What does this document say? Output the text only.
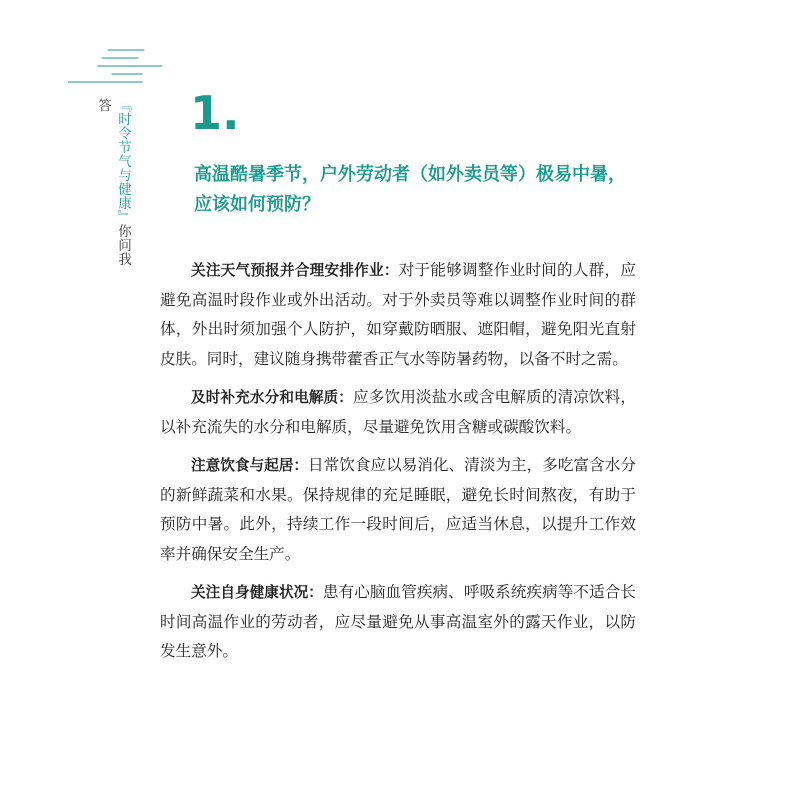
『时令节气与健康』你问我答	1.
高温酷暑季节，户外劳动者（如外卖员等）极易中暑，
应该如何预防？

关注天气预报并合理安排作业：对于能够调整作业时间的人群，应避免高温时段作业或外出活动。对于外卖员等难以调整作业时间的群体，外出时须加强个人防护，如穿戴防晒服、遮阳帽，避免阳光直射皮肤。同时，建议随身携带藿香正气水等防暑药物，以备不时之需。

及时补充水分和电解质：应多饮用淡盐水或含电解质的清凉饮料，以补充流失的水分和电解质，尽量避免饮用含糖或碳酸饮料。

注意饮食与起居：日常饮食应以易消化、清淡为主，多吃富含水分的新鲜蔬菜和水果。保持规律的充足睡眠，避免长时间熬夜，有助于预防中暑。此外，持续工作一段时间后，应适当休息，以提升工作效率并确保安全生产。

关注自身健康状况：患有心脑血管疾病、呼吸系统疾病等不适合长时间高温作业的劳动者，应尽量避免从事高温室外的露天作业，以防发生意外。
